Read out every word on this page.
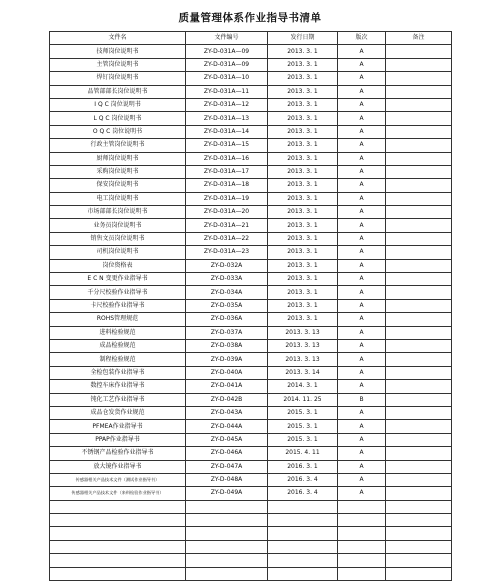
质量管理体系作业指导书清单
文件名	文件编号	发行日期	版次	备注
技师岗位说明书	ZY-D-031A—09	2013. 3. 1	A	
主管岗位说明书	ZY-D-031A—09	2013. 3. 1	A	
焊钉岗位说明书	ZY-D-031A—10	2013. 3. 1	A	
品管部部长岗位说明书	ZY-D-031A—11	2013. 3. 1	A	
I Q C 岗位说明书	ZY-D-031A—12	2013. 3. 1	A	
L Q C 岗位说明书	ZY-D-031A—13	2013. 3. 1	A	
O Q C 岗位说明书	ZY-D-031A—14	2013. 3. 1	A	
行政主管岗位说明书	ZY-D-031A—15	2013. 3. 1	A	
厨师岗位说明书	ZY-D-031A—16	2013. 3. 1	A	
采购岗位说明书	ZY-D-031A—17	2013. 3. 1	A	
保安岗位说明书	ZY-D-031A—18	2013. 3. 1	A	
电工岗位说明书	ZY-D-031A—19	2013. 3. 1	A	
市场部部长岗位说明书	ZY-D-031A—20	2013. 3. 1	A	
业务员岗位说明书	ZY-D-031A—21	2013. 3. 1	A	
销售文员岗位说明书	ZY-D-031A—22	2013. 3. 1	A	
司机岗位说明书	ZY-D-031A—23	2013. 3. 1	A	
岗位资格表	ZY-D-032A	2013. 3. 1	A	
E C N 变更作业指导书	ZY-D-033A	2013. 3. 1	A	
千分尺校验作业指导书	ZY-D-034A	2013. 3. 1	A	
卡尺校验作业指导书	ZY-D-035A	2013. 3. 1	A	
ROHS管理规范	ZY-D-036A	2013. 3. 1	A	
进料检验规范	ZY-D-037A	2013. 3. 13	A	
成品检验规范	ZY-D-038A	2013. 3. 13	A	
制程检验规范	ZY-D-039A	2013. 3. 13	A	
全检包装作业指导书	ZY-D-040A	2013. 3. 14	A	
数控车床作业指导书	ZY-D-041A	2014. 3. 1	A	
钝化工艺作业指导书	ZY-D-042B	2014. 11. 25	B	
成品仓发货作业规范	ZY-D-043A	2015. 3. 1	A	
PFMEA作业指导书	ZY-D-044A	2015. 3. 1	A	
PPAP作业指导书	ZY-D-045A	2015. 3. 1	A	
不锈钢产品检验作业指导书	ZY-D-046A	2015. 4. 11	A	
放大镜作业指导书	ZY-D-047A	2016. 3. 1	A	
传感器相关产品技术文件（测试作业指导书）	ZY-D-048A	2016. 3. 4	A	
传感器相关产品技术文件（来料检验作业指导书）	ZY-D-049A	2016. 3. 4	A	
